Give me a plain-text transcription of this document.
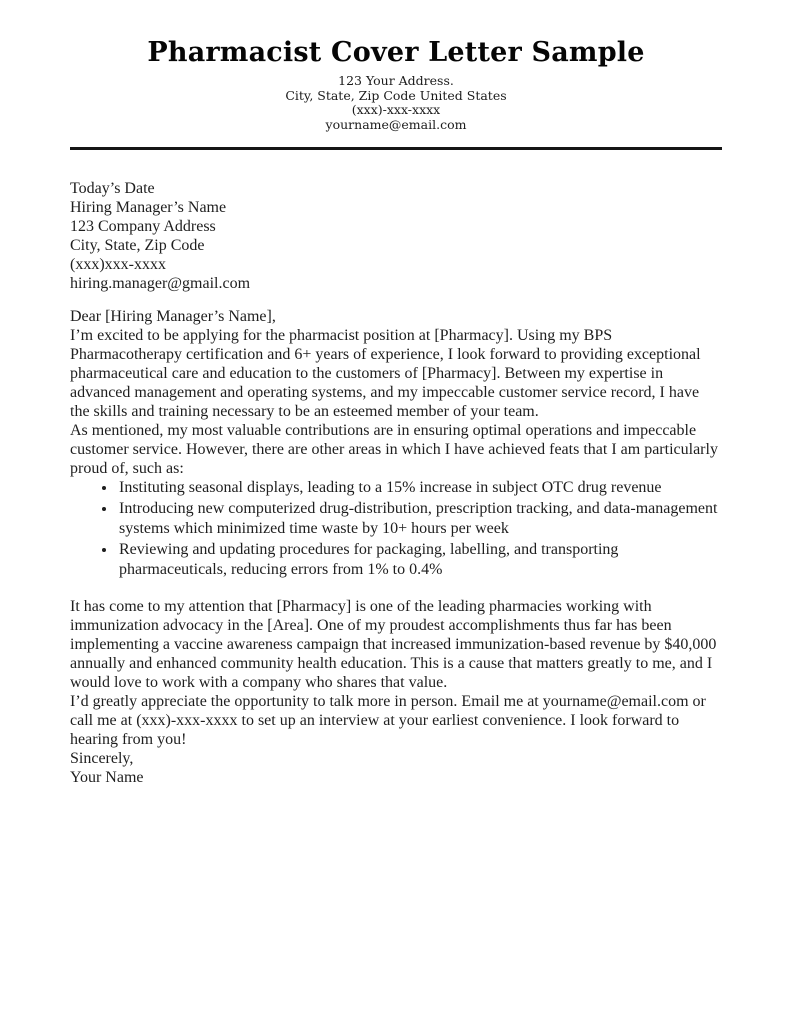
Pharmacist Cover Letter Sample
123 Your Address.
City, State, Zip Code United States
(xxx)-xxx-xxxx
yourname@email.com

Today’s Date

Hiring Manager’s Name

123 Company Address

City, State, Zip Code

(xxx)xxx-xxxx

hiring.manager@gmail.com

Dear [Hiring Manager’s Name],

I’m excited to be applying for the pharmacist position at [Pharmacy]. Using my BPS Pharmacotherapy certification and 6+ years of experience, I look forward to providing exceptional pharmaceutical care and education to the customers of [Pharmacy]. Between my expertise in advanced management and operating systems, and my impeccable customer service record, I have the skills and training necessary to be an esteemed member of your team.

As mentioned, my most valuable contributions are in ensuring optimal operations and impeccable customer service. However, there are other areas in which I have achieved feats that I am particularly proud of, such as:

• Instituting seasonal displays, leading to a 15% increase in subject OTC drug revenue
• Introducing new computerized drug-distribution, prescription tracking, and data-management systems which minimized time waste by 10+ hours per week
• Reviewing and updating procedures for packaging, labelling, and transporting pharmaceuticals, reducing errors from 1% to 0.4%

It has come to my attention that [Pharmacy] is one of the leading pharmacies working with immunization advocacy in the [Area]. One of my proudest accomplishments thus far has been implementing a vaccine awareness campaign that increased immunization-based revenue by $40,000 annually and enhanced community health education. This is a cause that matters greatly to me, and I would love to work with a company who shares that value.

I’d greatly appreciate the opportunity to talk more in person. Email me at yourname@email.com or call me at (xxx)-xxx-xxxx to set up an interview at your earliest convenience. I look forward to hearing from you!

Sincerely,

Your Name
